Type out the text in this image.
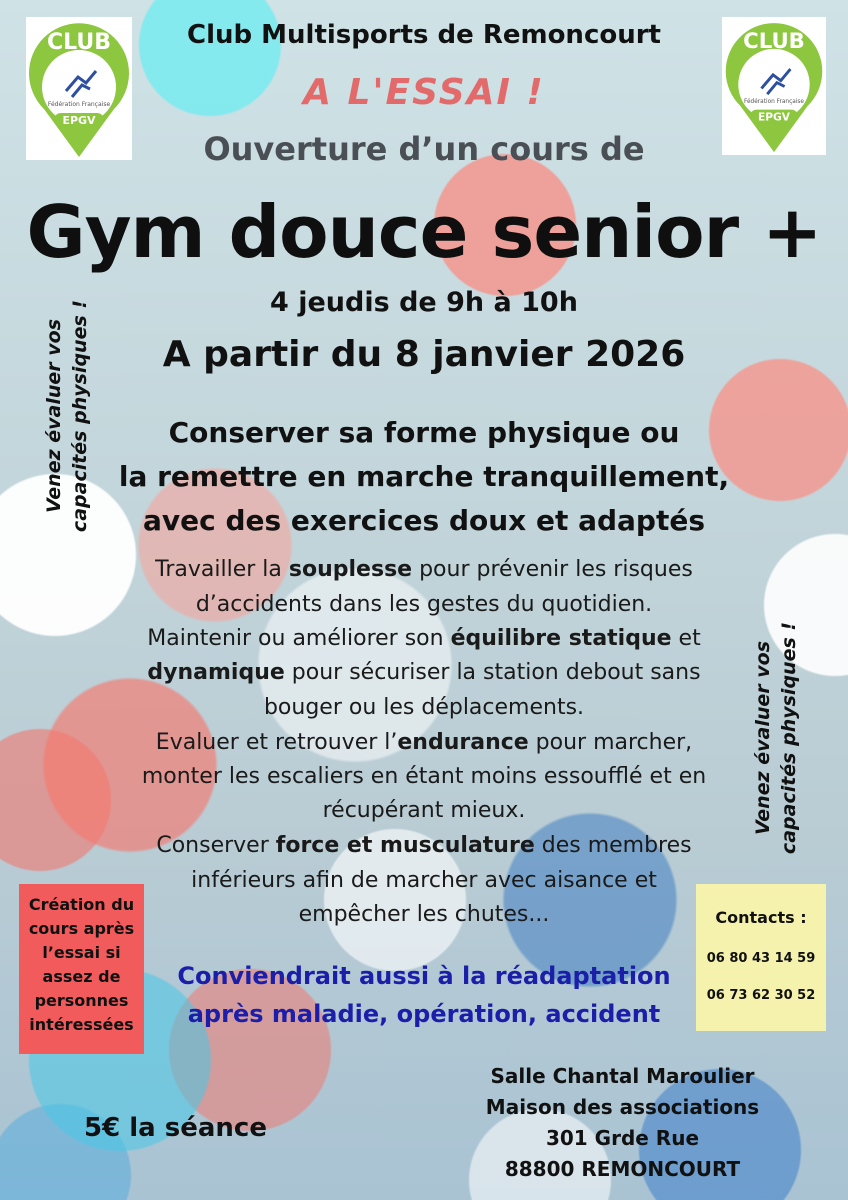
Fédération Française
EPGV
CLUB
Fédération Française
EPGV
CLUB
Club Multisports de Remoncourt
A L'ESSAI !
Ouverture d’un cours de
Gym douce senior +
4 jeudis de 9h à 10h
A partir du 8 janvier 2026
Conserver sa forme physique ou
la remettre en marche tranquillement,
avec des exercices doux et adaptés
Travailler la souplesse pour prévenir les risques
d’accidents dans les gestes du quotidien.
Maintenir ou améliorer son équilibre statique et
dynamique pour sécuriser la station debout sans
bouger ou les déplacements.
Evaluer et retrouver l’endurance pour marcher,
monter les escaliers en étant moins essoufflé et en
récupérant mieux.
Conserver force et musculature des membres
inférieurs afin de marcher avec aisance et
empêcher les chutes...
Venez évaluer vos capacités physiques !
Venez évaluer vos capacités physiques !
Création du
cours après
l’essai si
assez de
personnes
intéressées
Contacts :
06 80 43 14 59
06 73 62 30 52
Conviendrait aussi à la réadaptation
après maladie, opération, accident
5€ la séance
Salle Chantal Maroulier
Maison des associations
301 Grde Rue
88800 REMONCOURT
